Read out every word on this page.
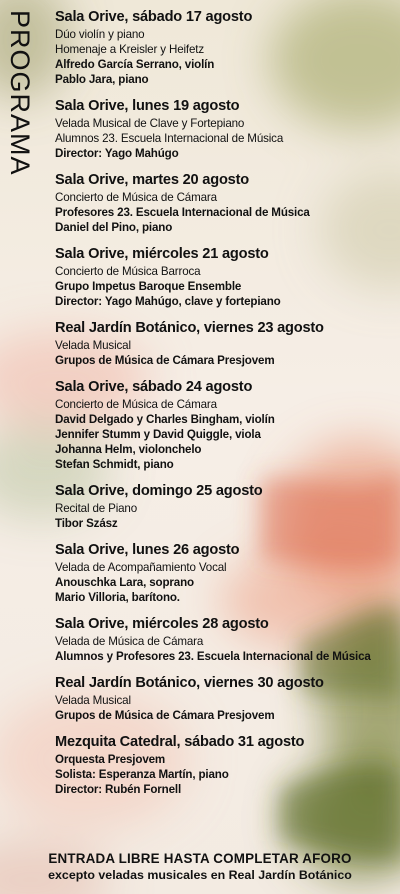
PROGRAMA Sala Orive, sábado 17 agosto
Dúo violín y piano
Homenaje a Kreisler y Heifetz
Alfredo García Serrano, violín
Pablo Jara, piano
Sala Orive, lunes 19 agosto
Velada Musical de Clave y Fortepiano
Alumnos 23. Escuela Internacional de Música
Director: Yago Mahúgo
Sala Orive, martes 20 agosto
Concierto de Música de Cámara
Profesores 23. Escuela Internacional de Música
Daniel del Pino, piano
Sala Orive, miércoles 21 agosto
Concierto de Música Barroca
Grupo Impetus Baroque Ensemble
Director: Yago Mahúgo, clave y fortepiano
Real Jardín Botánico, viernes 23 agosto
Velada Musical
Grupos de Música de Cámara Presjovem
Sala Orive, sábado 24 agosto
Concierto de Música de Cámara
David Delgado y Charles Bingham, violín
Jennifer Stumm y David Quiggle, viola
Johanna Helm, violonchelo
Stefan Schmidt, piano
Sala Orive, domingo 25 agosto
Recital de Piano
Tibor Szász
Sala Orive, lunes 26 agosto
Velada de Acompañamiento Vocal
Anouschka Lara, soprano
Mario Villoria, barítono.
Sala Orive, miércoles 28 agosto
Velada de Música de Cámara
Alumnos y Profesores 23. Escuela Internacional de Música
Real Jardín Botánico, viernes 30 agosto
Velada Musical
Grupos de Música de Cámara Presjovem
Mezquita Catedral, sábado 31 agosto
Orquesta Presjovem
Solista: Esperanza Martín, piano
Director: Rubén Fornell
ENTRADA LIBRE HASTA COMPLETAR AFORO
excepto veladas musicales en Real Jardín Botánico
